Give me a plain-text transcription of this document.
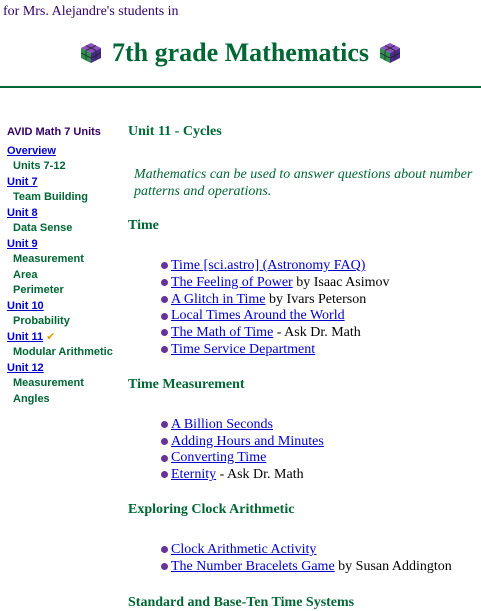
for Mrs. Alejandre's students in
7th grade Mathematics
AVID Math 7 Units
Overview
Units 7-12
Unit 7
Team Building
Unit 8
Data Sense
Unit 9
Measurement
Area
Perimeter
Unit 10
Probability
Unit 11 ✔
Modular Arithmetic
Unit 12
Measurement
Angles
Unit 11 - Cycles
Mathematics can be used to answer questions about number patterns and operations.
Time
Time [sci.astro] (Astronomy FAQ)
The Feeling of Power by Isaac Asimov
A Glitch in Time by Ivars Peterson
Local Times Around the World
The Math of Time - Ask Dr. Math
Time Service Department
Time Measurement
A Billion Seconds
Adding Hours and Minutes
Converting Time
Eternity - Ask Dr. Math
Exploring Clock Arithmetic
Clock Arithmetic Activity
The Number Bracelets Game by Susan Addington
Standard and Base-Ten Time Systems
